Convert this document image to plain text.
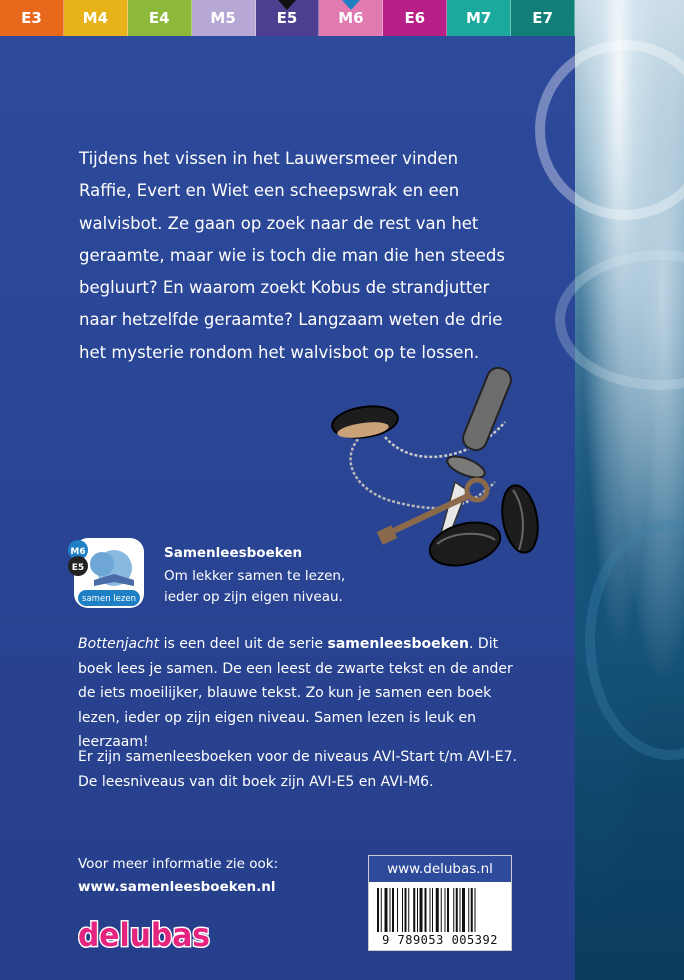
E3	M4	E4	M5	E5	M6	E6	M7	E7

Tijdens het vissen in het Lauwersmeer vinden Raffie, Evert en Wiet een scheepswrak en een walvisbot. Ze gaan op zoek naar de rest van het geraamte, maar wie is toch die man die hen steeds begluurt? En waarom zoekt Kobus de strandjutter naar hetzelfde geraamte? Langzaam weten de drie het mysterie rondom het walvisbot op te lossen.

M6
E5
samen lezen
Samenleesboeken
Om lekker samen te lezen,
ieder op zijn eigen niveau.
Bottenjacht is een deel uit de serie samenleesboeken. Dit boek lees je samen. De een leest de zwarte tekst en de ander de iets moeilijker, blauwe tekst. Zo kun je samen een boek lezen, ieder op zijn eigen niveau. Samen lezen is leuk en leerzaam!
Er zijn samenleesboeken voor de niveaus AVI-Start t/m AVI-E7. De leesniveaus van dit boek zijn AVI-E5 en AVI-M6.
Voor meer informatie zie ook:
www.samenleesboeken.nl
delubas
www.delubas.nl
9 789053 005392
